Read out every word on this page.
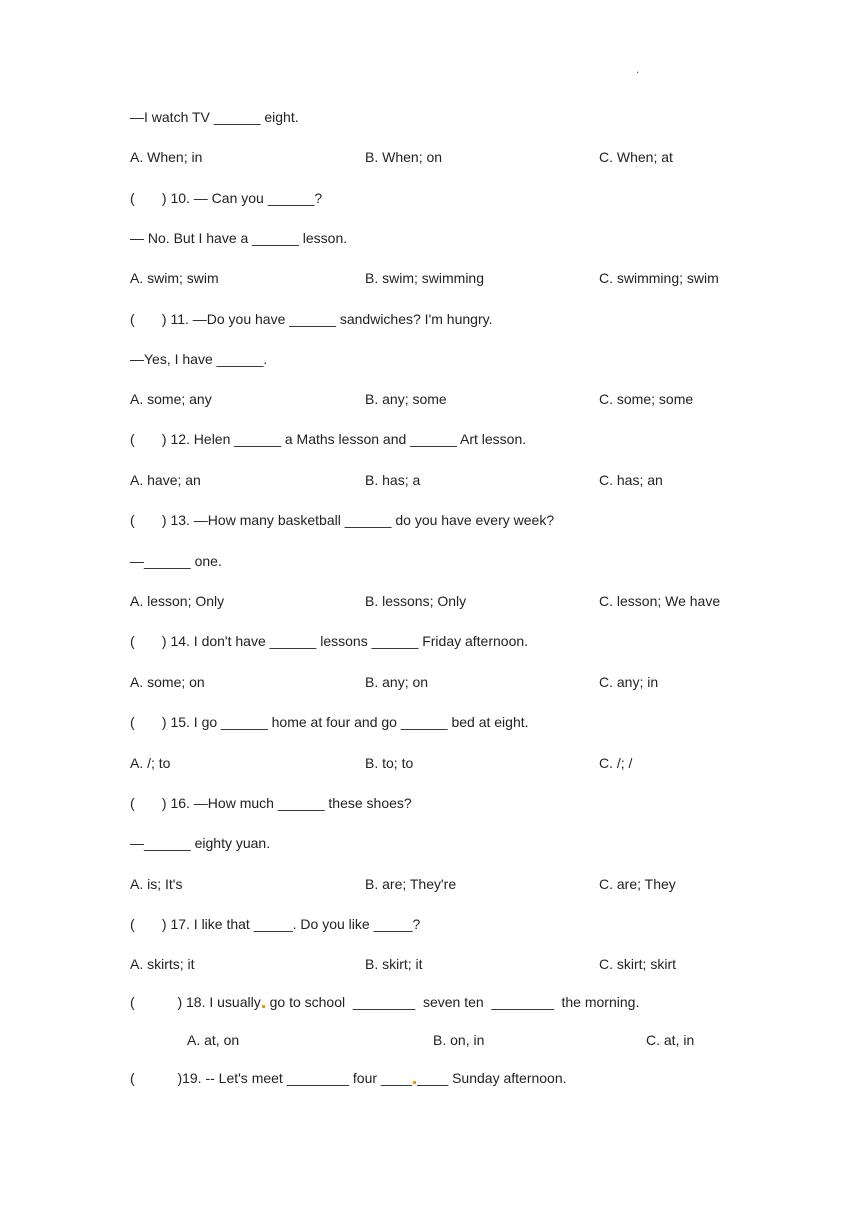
.
—I watch TV ______ eight.
A. When; in	B. When; on	C. When; at
(       ) 10. — Can you ______?
— No. But I have a ______ lesson.
A. swim; swim	B. swim; swimming	C. swimming; swim
(       ) 11. —Do you have ______ sandwiches? I'm hungry.
—Yes, I have ______.
A. some; any	B. any; some	C. some; some
(       ) 12. Helen ______ a Maths lesson and ______ Art lesson.
A. have; an	B. has; a	C. has; an
(       ) 13. —How many basketball ______ do you have every week?
—______ one.
A. lesson; Only	B. lessons; Only	C. lesson; We have
(       ) 14. I don't have ______ lessons ______ Friday afternoon.
A. some; on	B. any; on	C. any; in
(       ) 15. I go ______ home at four and go ______ bed at eight.
A. /; to	B. to; to	C. /; /
(       ) 16. —How much ______ these shoes?
—______ eighty yuan.
A. is; It's	B. are; They're	C. are; They
(       ) 17. I like that _____. Do you like _____?
A. skirts; it	B. skirt; it	C. skirt; skirt
(           ) 18. I usually go to school  ________  seven ten  ________  the morning.
A. at, on	B. on, in	C. at, in
(           )19. -- Let's meet ________ four ____ ____ Sunday afternoon.
